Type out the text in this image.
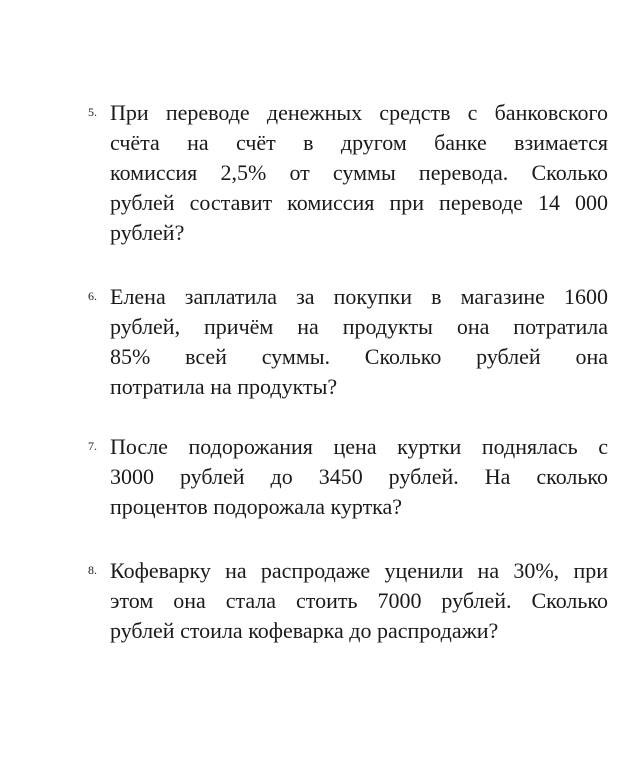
5. При переводе денежных средств с банковского
счёта на счёт в другом банке взимается
комиссия 2,5% от суммы перевода. Сколько
рублей составит комиссия при переводе 14 000
рублей?

6. Елена заплатила за покупки в магазине 1600
рублей, причём на продукты она потратила
85% всей суммы. Сколько рублей она
потратила на продукты?

7. После подорожания цена куртки поднялась с
3000 рублей до 3450 рублей. На сколько
процентов подорожала куртка?

8. Кофеварку на распродаже уценили на 30%, при
этом она стала стоить 7000 рублей. Сколько
рублей стоила кофеварка до распродажи?
